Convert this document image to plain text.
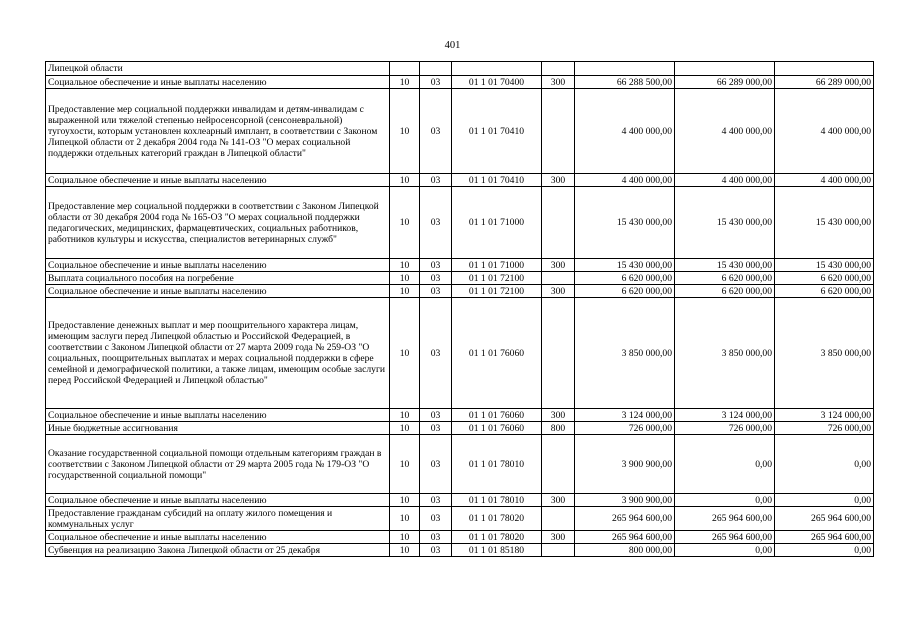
401
Липецкой области							
Социальное обеспечение и иные выплаты населению	10	03	01 1 01 70400	300	66 288 500,00	66 289 000,00	66 289 000,00
Предоставление мер социальной поддержки инвалидам и детям-инвалидам с выраженной или тяжелой степенью нейросенсорной (сенсоневральной) тугоухости, которым установлен кохлеарный имплант, в соответствии с Законом Липецкой области от 2 декабря 2004 года № 141-ОЗ "О мерах социальной поддержки отдельных категорий граждан в Липецкой области"	10	03	01 1 01 70410		4 400 000,00	4 400 000,00	4 400 000,00
Социальное обеспечение и иные выплаты населению	10	03	01 1 01 70410	300	4 400 000,00	4 400 000,00	4 400 000,00
Предоставление мер социальной поддержки в соответствии с Законом Липецкой области от 30 декабря 2004 года № 165-ОЗ "О мерах социальной поддержки педагогических, медицинских, фармацевтических, социальных работников, работников культуры и искусства, специалистов ветеринарных служб"	10	03	01 1 01 71000		15 430 000,00	15 430 000,00	15 430 000,00
Социальное обеспечение и иные выплаты населению	10	03	01 1 01 71000	300	15 430 000,00	15 430 000,00	15 430 000,00
Выплата социального пособия на погребение	10	03	01 1 01 72100		6 620 000,00	6 620 000,00	6 620 000,00
Социальное обеспечение и иные выплаты населению	10	03	01 1 01 72100	300	6 620 000,00	6 620 000,00	6 620 000,00
Предоставление денежных выплат и мер поощрительного характера лицам, имеющим заслуги перед Липецкой областью и Российской Федерацией, в соответствии с Законом Липецкой области от 27 марта 2009 года № 259-ОЗ "О социальных, поощрительных выплатах и мерах социальной поддержки в сфере семейной и демографической политики, а также лицам, имеющим особые заслуги перед Российской Федерацией и Липецкой областью"	10	03	01 1 01 76060		3 850 000,00	3 850 000,00	3 850 000,00
Социальное обеспечение и иные выплаты населению	10	03	01 1 01 76060	300	3 124 000,00	3 124 000,00	3 124 000,00
Иные бюджетные ассигнования	10	03	01 1 01 76060	800	726 000,00	726 000,00	726 000,00
Оказание государственной социальной помощи отдельным категориям граждан в соответствии с Законом Липецкой области от 29 марта 2005 года № 179-ОЗ "О государственной социальной помощи"	10	03	01 1 01 78010		3 900 900,00	0,00	0,00
Социальное обеспечение и иные выплаты населению	10	03	01 1 01 78010	300	3 900 900,00	0,00	0,00
Предоставление гражданам субсидий на оплату жилого помещения и коммунальных услуг	10	03	01 1 01 78020		265 964 600,00	265 964 600,00	265 964 600,00
Социальное обеспечение и иные выплаты населению	10	03	01 1 01 78020	300	265 964 600,00	265 964 600,00	265 964 600,00
Субвенция на реализацию Закона Липецкой области от 25 декабря	10	03	01 1 01 85180		800 000,00	0,00	0,00
